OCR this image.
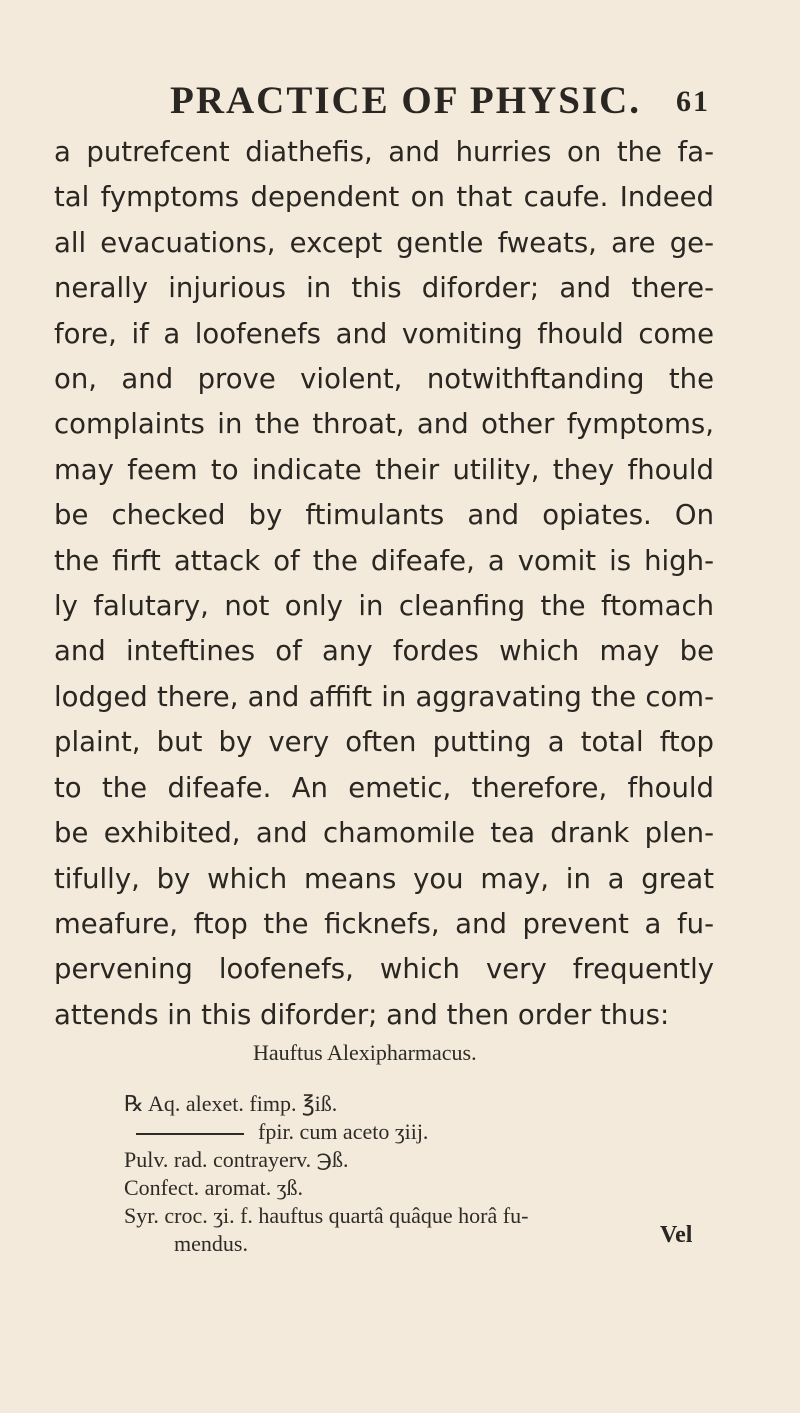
PRACTICE OF PHYSIC. 61
a putrefcent diathefis, and hurries on the fa-
tal fymptoms dependent on that caufe. Indeed
all evacuations, except gentle fweats, are ge-
nerally injurious in this diforder; and there-
fore, if a loofenefs and vomiting fhould come
on, and prove violent, notwithftanding the
complaints in the throat, and other fymptoms,
may feem to indicate their utility, they fhould
be checked by ftimulants and opiates. On
the firft attack of the difeafe, a vomit is high-
ly falutary, not only in cleanfing the ftomach
and inteftines of any fordes which may be
lodged there, and affift in aggravating the com-
plaint, but by very often putting a total ftop
to the difeafe. An emetic, therefore, fhould
be exhibited, and chamomile tea drank plen-
tifully, by which means you may, in a great
meafure, ftop the ficknefs, and prevent a fu-
pervening loofenefs, which very frequently
attends in this diforder; and then order thus:
Hauftus Alexipharmacus.
℞ Aq. alexet. fimp. ℥iß.
fpir. cum aceto ʒiij.
Pulv. rad. contrayerv. ℈ß.
Confect. aromat. ʒß.
Syr. croc. ʒi. f. hauftus quartâ quâque horâ fu-
mendus.	Vel
